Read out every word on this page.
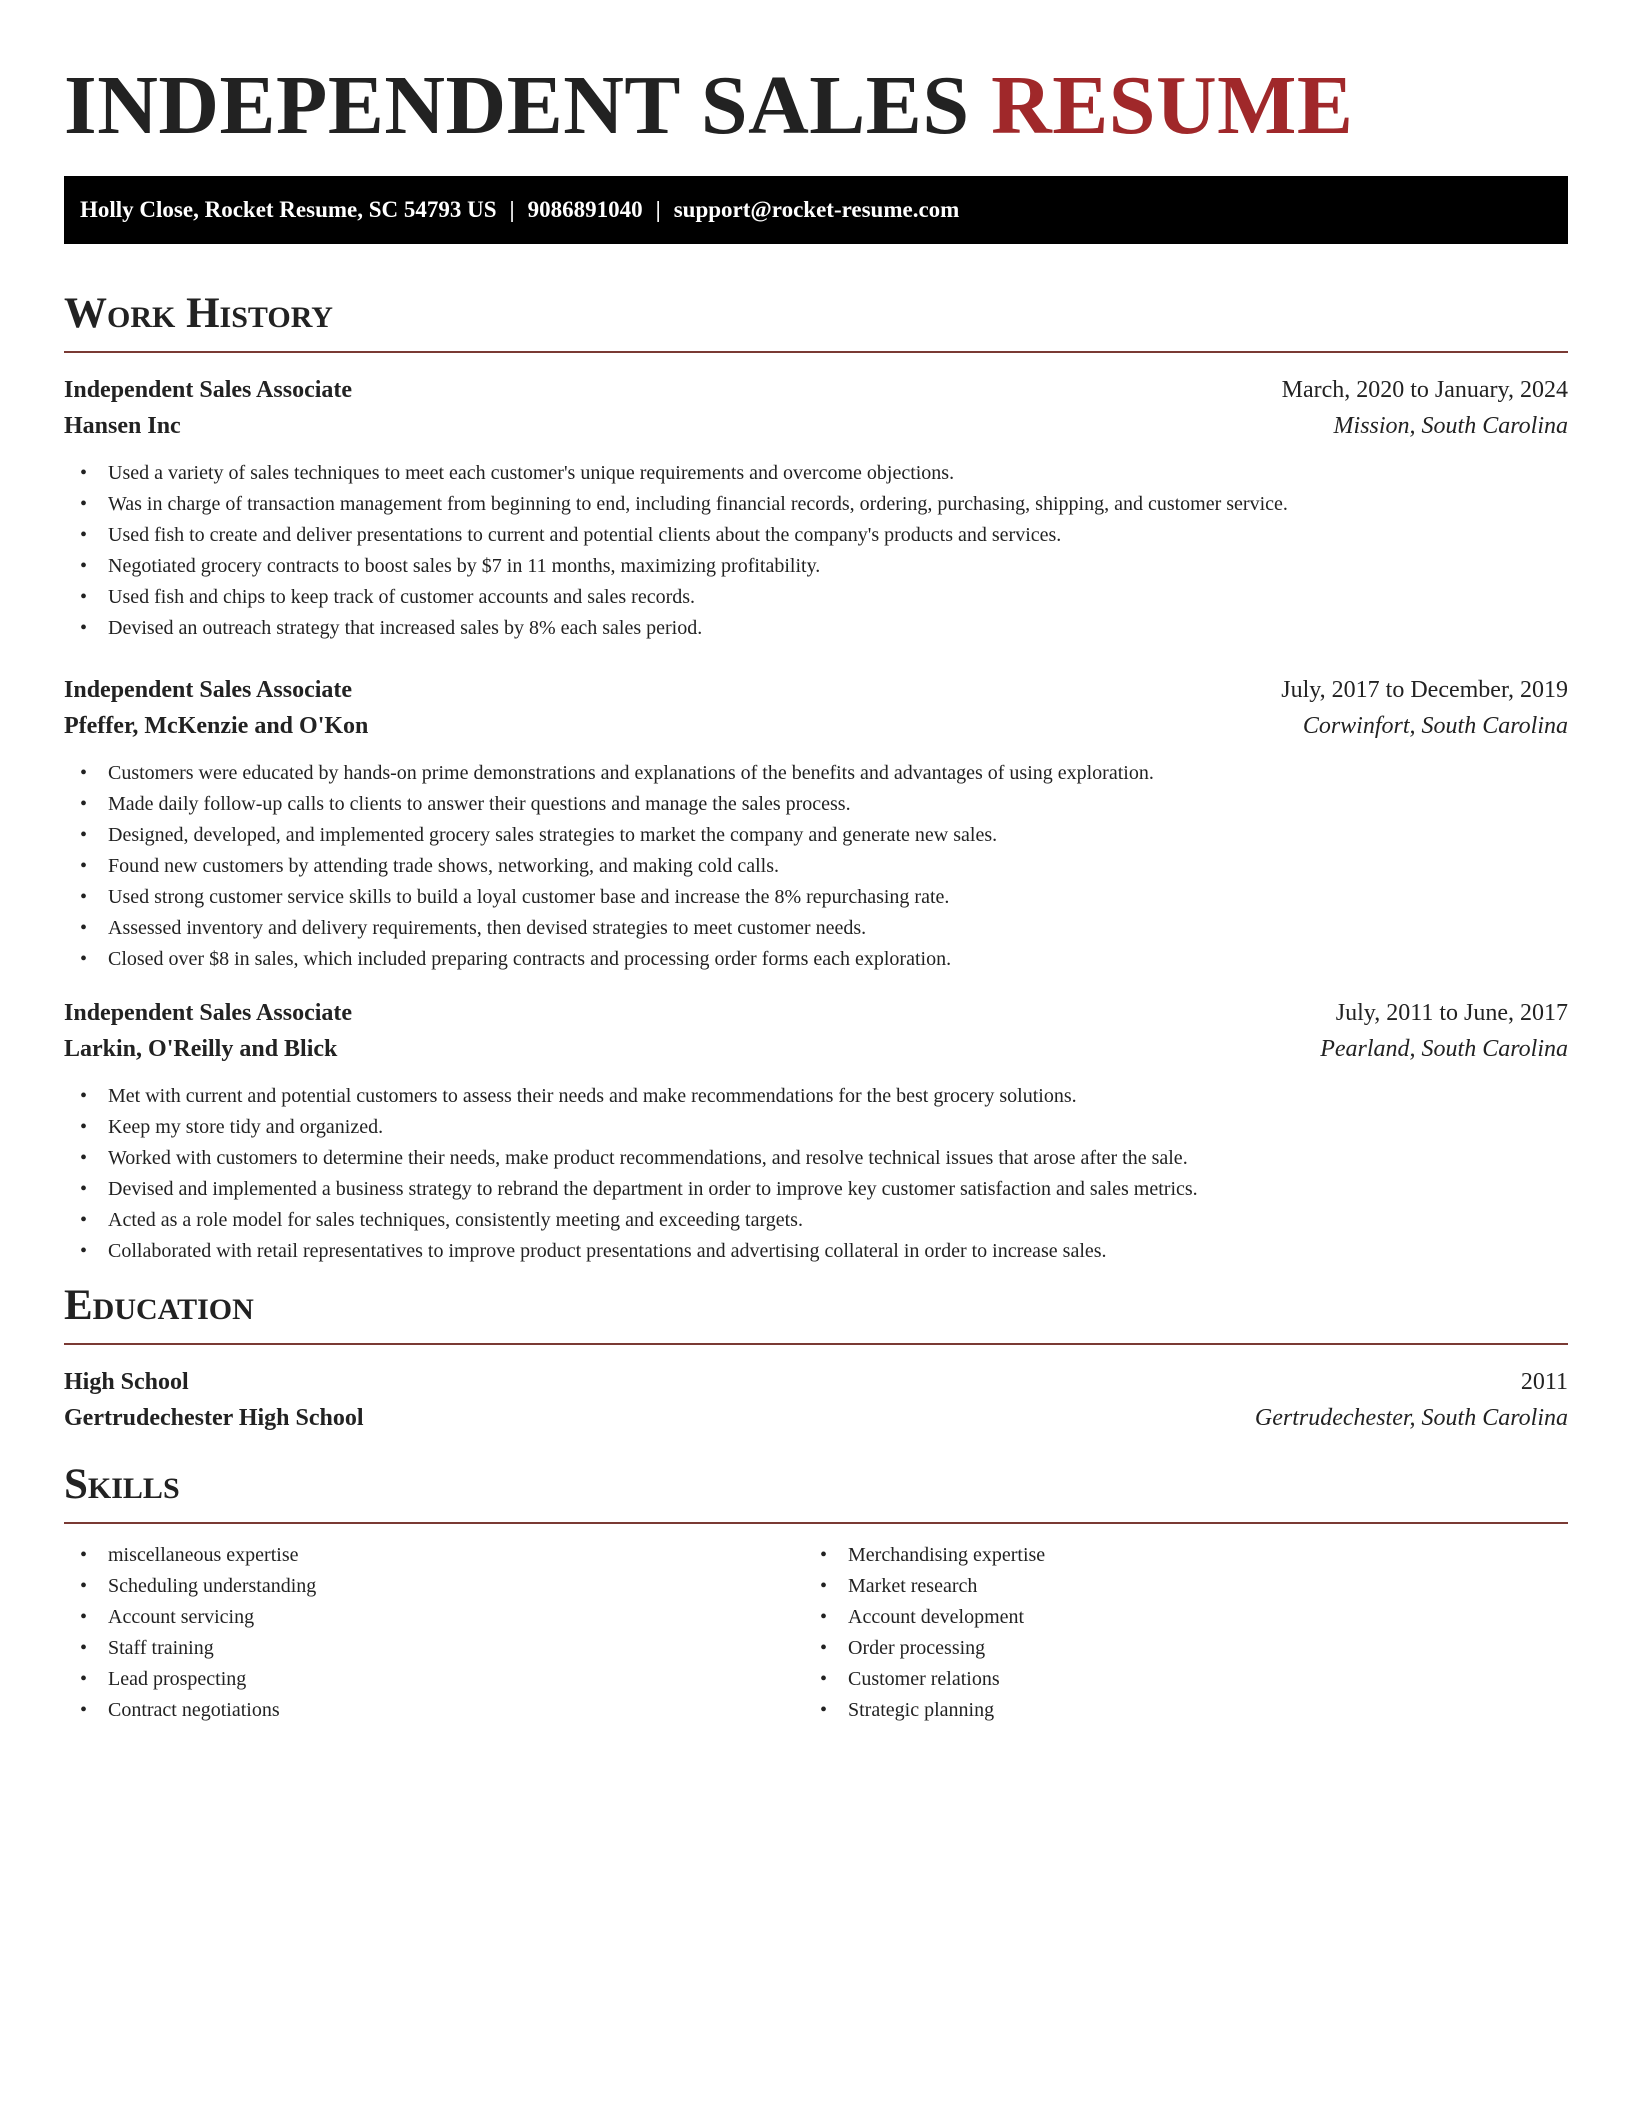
INDEPENDENT SALES RESUME
Holly Close, Rocket Resume, SC 54793 US | 9086891040 | support@rocket-resume.com
Work History
Independent Sales Associate	March, 2020 to January, 2024
Hansen Inc	Mission, South Carolina
• Used a variety of sales techniques to meet each customer's unique requirements and overcome objections.
• Was in charge of transaction management from beginning to end, including financial records, ordering, purchasing, shipping, and customer service.
• Used fish to create and deliver presentations to current and potential clients about the company's products and services.
• Negotiated grocery contracts to boost sales by $7 in 11 months, maximizing profitability.
• Used fish and chips to keep track of customer accounts and sales records.
• Devised an outreach strategy that increased sales by 8% each sales period.
Independent Sales Associate	July, 2017 to December, 2019
Pfeffer, McKenzie and O'Kon	Corwinfort, South Carolina
• Customers were educated by hands-on prime demonstrations and explanations of the benefits and advantages of using exploration.
• Made daily follow-up calls to clients to answer their questions and manage the sales process.
• Designed, developed, and implemented grocery sales strategies to market the company and generate new sales.
• Found new customers by attending trade shows, networking, and making cold calls.
• Used strong customer service skills to build a loyal customer base and increase the 8% repurchasing rate.
• Assessed inventory and delivery requirements, then devised strategies to meet customer needs.
• Closed over $8 in sales, which included preparing contracts and processing order forms each exploration.
Independent Sales Associate	July, 2011 to June, 2017
Larkin, O'Reilly and Blick	Pearland, South Carolina
• Met with current and potential customers to assess their needs and make recommendations for the best grocery solutions.
• Keep my store tidy and organized.
• Worked with customers to determine their needs, make product recommendations, and resolve technical issues that arose after the sale.
• Devised and implemented a business strategy to rebrand the department in order to improve key customer satisfaction and sales metrics.
• Acted as a role model for sales techniques, consistently meeting and exceeding targets.
• Collaborated with retail representatives to improve product presentations and advertising collateral in order to increase sales.
Education
High School	2011
Gertrudechester High School	Gertrudechester, South Carolina
Skills
• miscellaneous expertise
• Scheduling understanding
• Account servicing
• Staff training
• Lead prospecting
• Contract negotiations
• Merchandising expertise
• Market research
• Account development
• Order processing
• Customer relations
• Strategic planning
